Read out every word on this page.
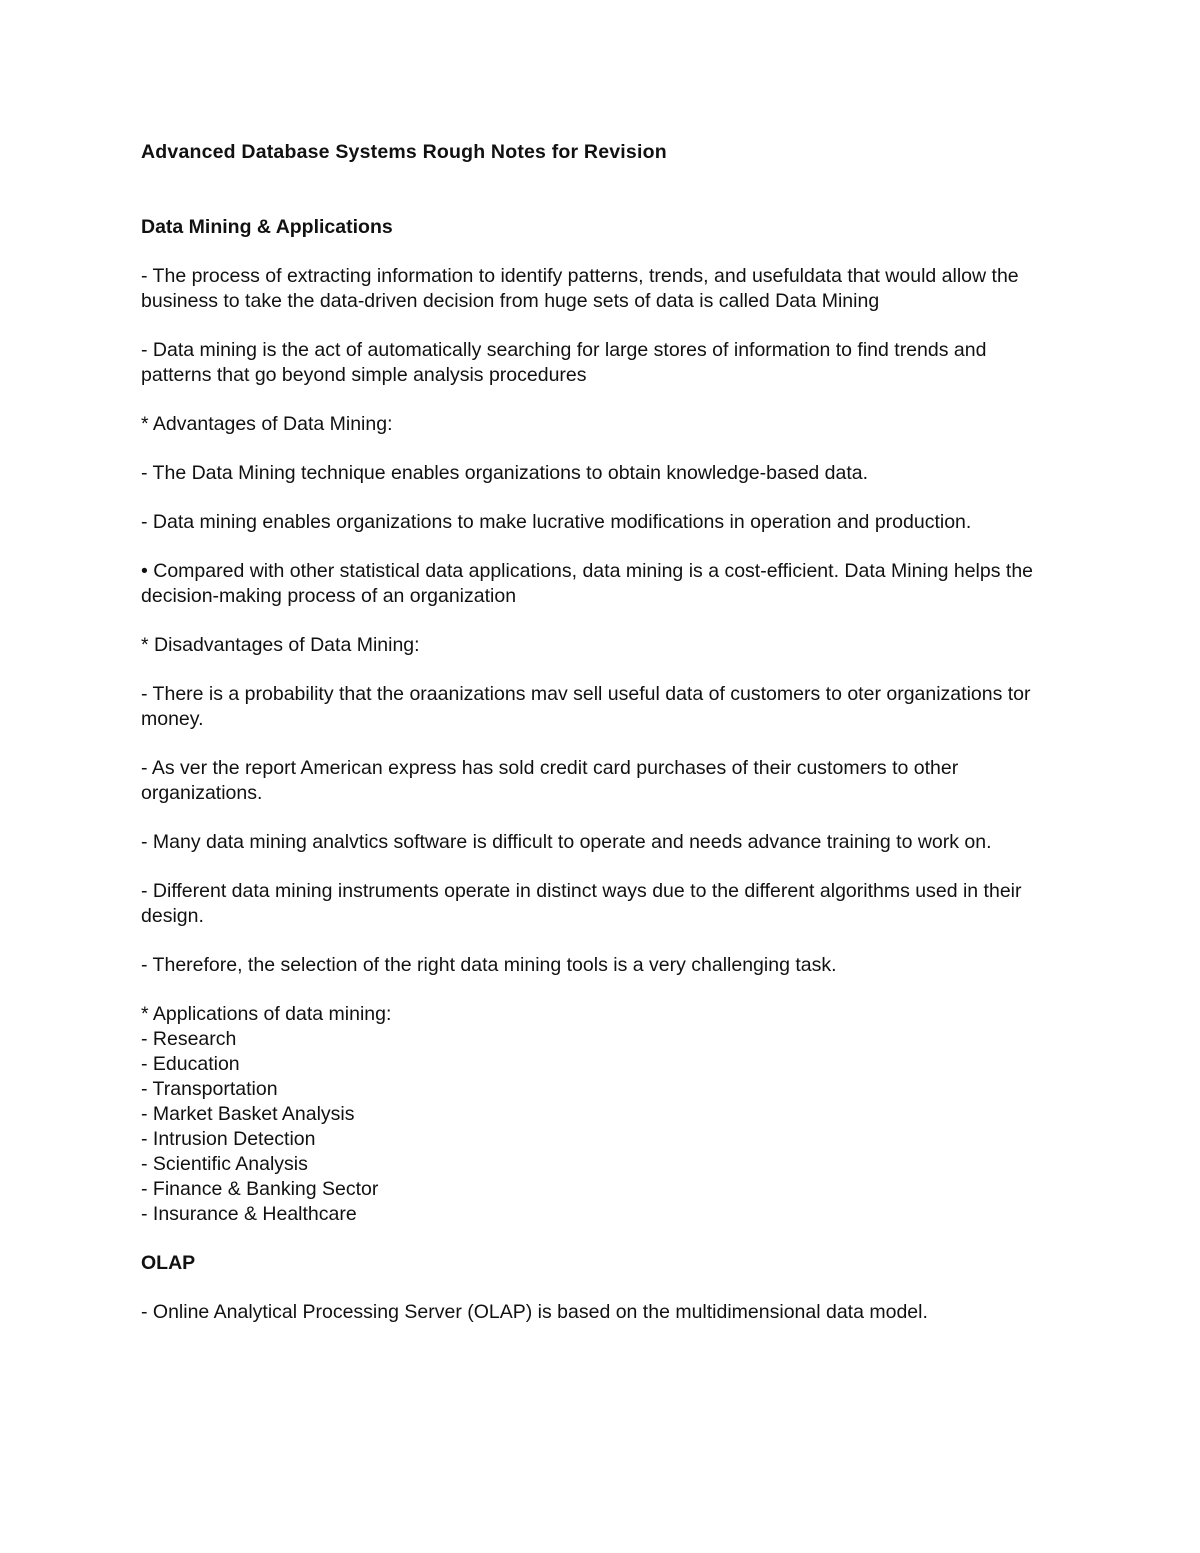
Advanced Database Systems Rough Notes for Revision
Data Mining & Applications

- The process of extracting information to identify patterns, trends, and usefuldata that would allow the business to take the data-driven decision from huge sets of data is called Data Mining

- Data mining is the act of automatically searching for large stores of information to find trends and patterns that go beyond simple analysis procedures

* Advantages of Data Mining:

- The Data Mining technique enables organizations to obtain knowledge-based data.

- Data mining enables organizations to make lucrative modifications in operation and production.

• Compared with other statistical data applications, data mining is a cost-efficient. Data Mining helps the decision-making process of an organization

* Disadvantages of Data Mining:

- There is a probability that the oraanizations mav sell useful data of customers to oter organizations tor money.

- As ver the report American express has sold credit card purchases of their customers to other organizations.

- Many data mining analvtics software is difficult to operate and needs advance training to work on.

- Different data mining instruments operate in distinct ways due to the different algorithms used in their design.

- Therefore, the selection of the right data mining tools is a very challenging task.

* Applications of data mining:
- Research
- Education
- Transportation
- Market Basket Analysis
- Intrusion Detection
- Scientific Analysis
- Finance & Banking Sector
- Insurance & Healthcare
OLAP

- Online Analytical Processing Server (OLAP) is based on the multidimensional data model.
